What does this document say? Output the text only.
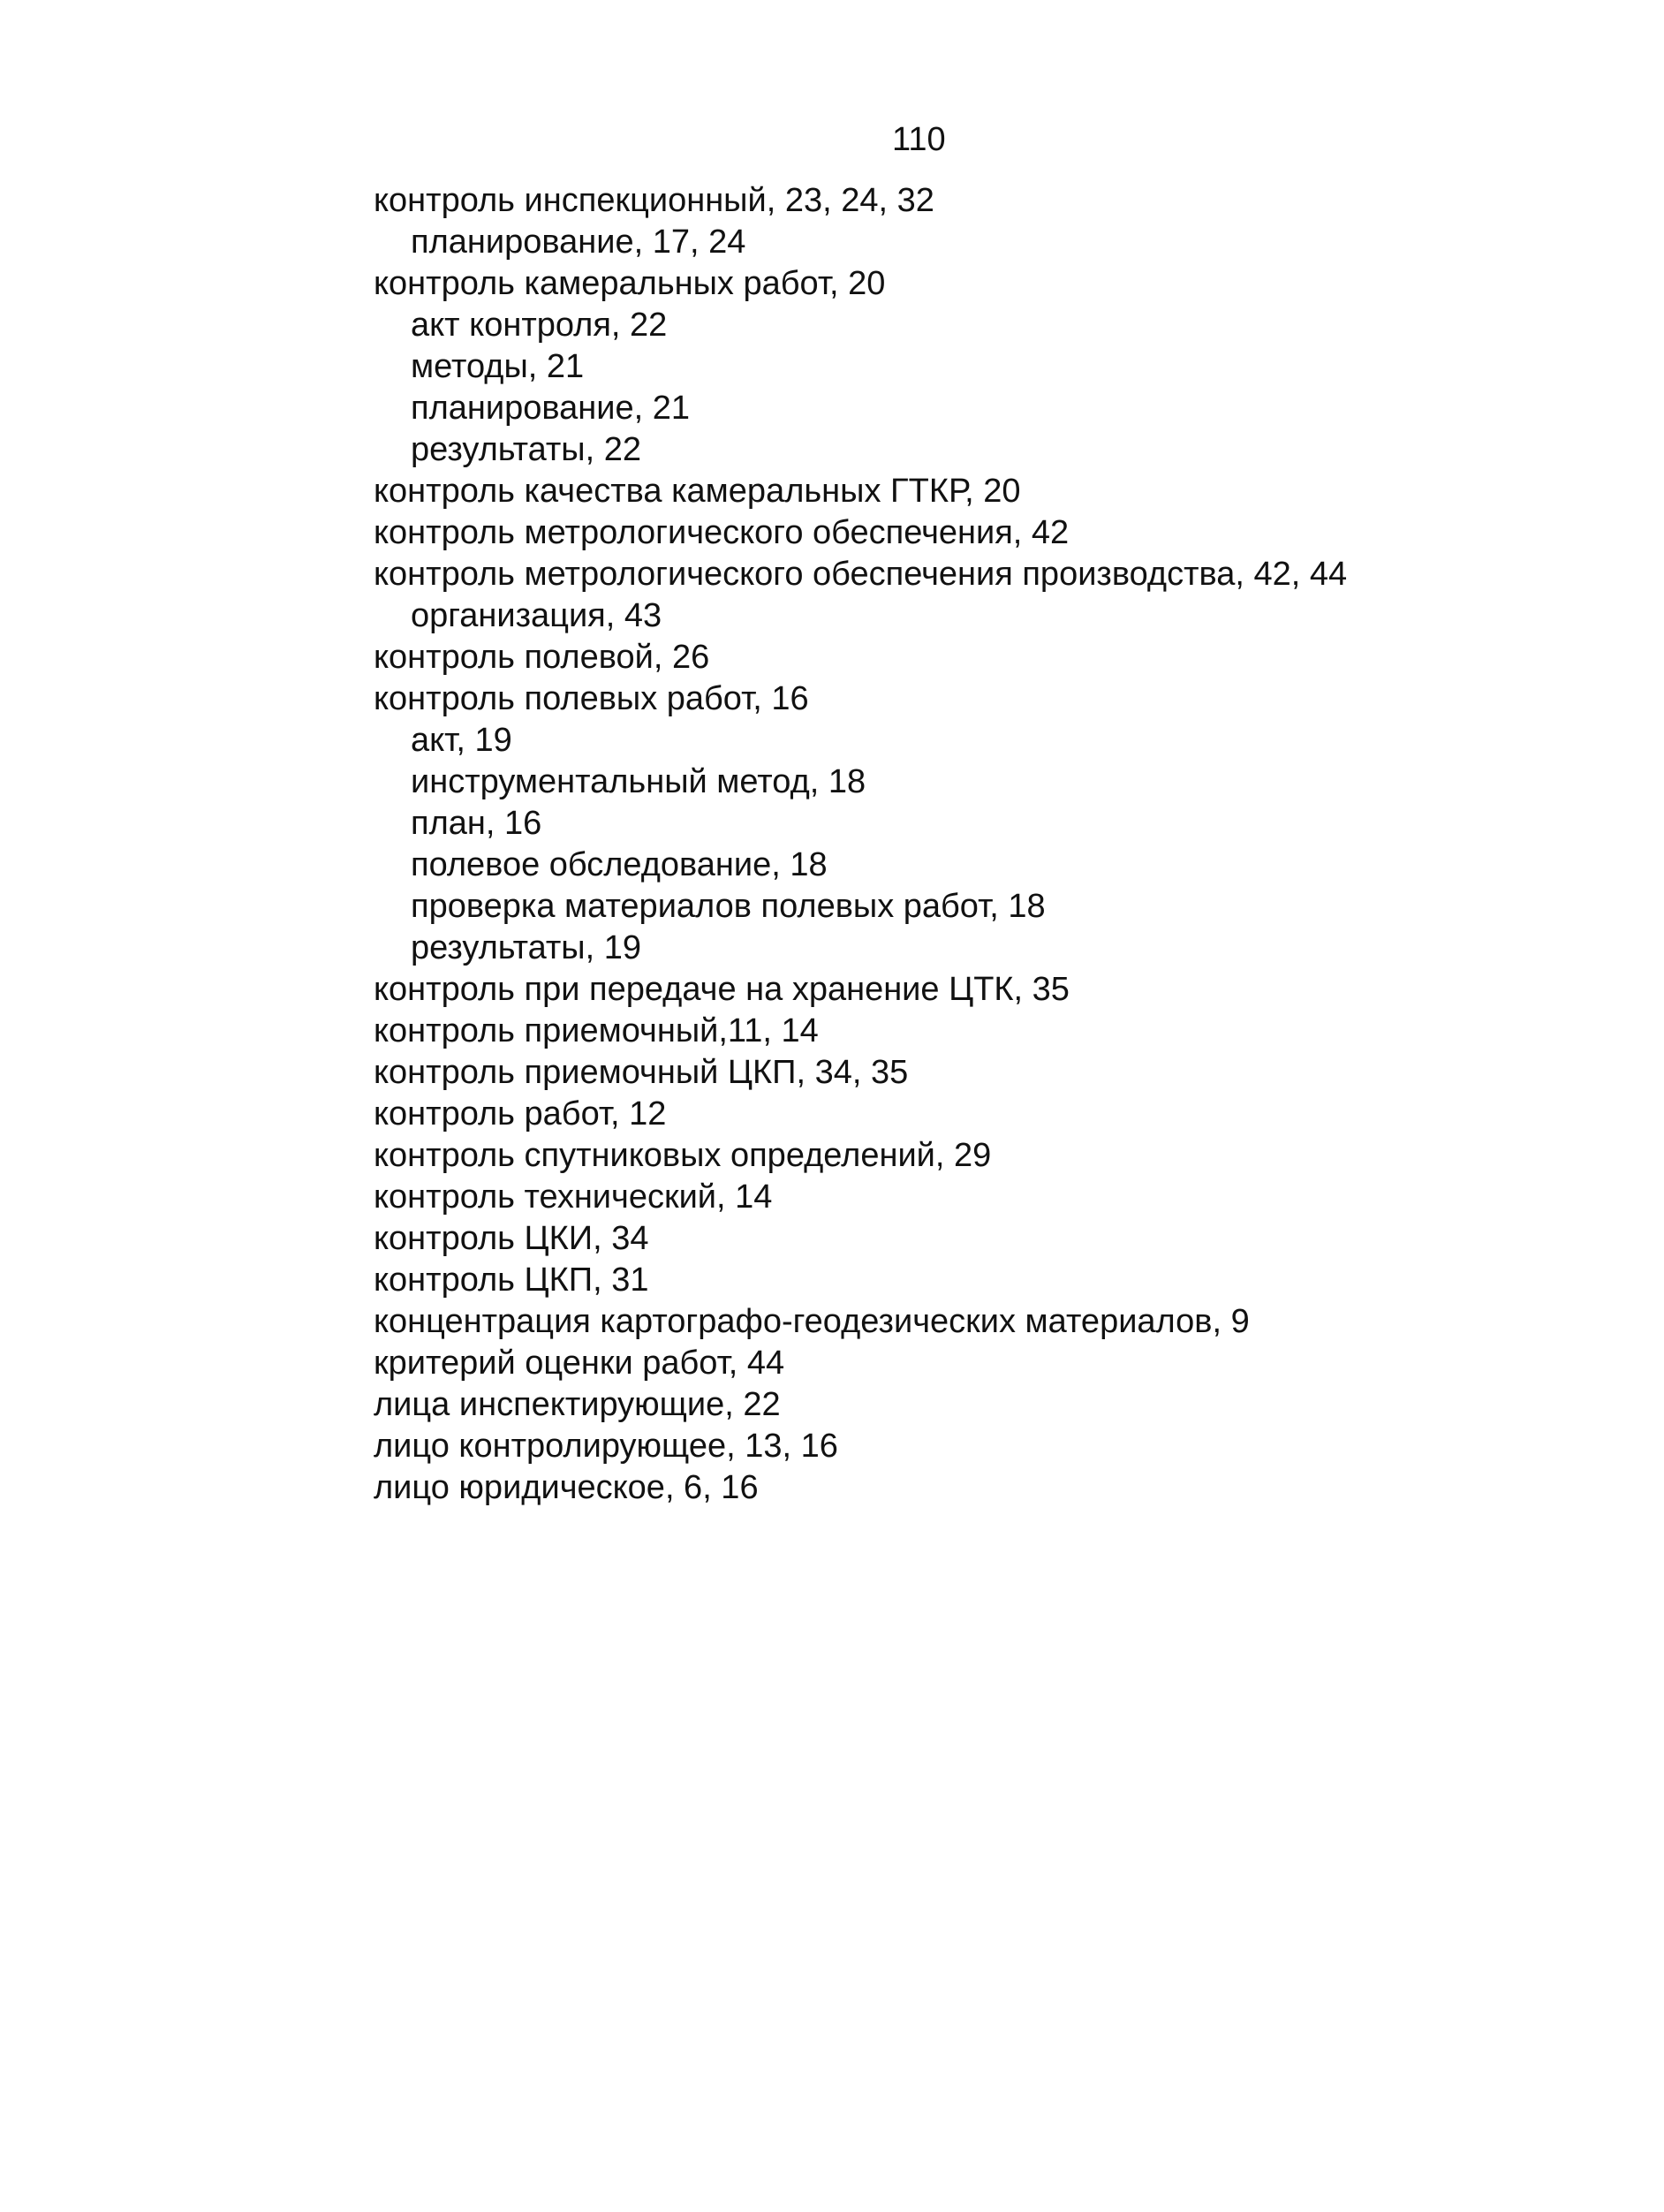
110
контроль инспекционный, 23, 24, 32
планирование, 17, 24
контроль камеральных работ, 20
акт контроля, 22
методы, 21
планирование, 21
результаты, 22
контроль качества камеральных ГТКР, 20
контроль метрологического обеспечения, 42
контроль метрологического обеспечения производства, 42, 44
организация, 43
контроль полевой, 26
контроль полевых работ, 16
акт, 19
инструментальный метод, 18
план, 16
полевое обследование, 18
проверка материалов полевых работ, 18
результаты, 19
контроль при передаче на хранение ЦТК, 35
контроль приемочный,11, 14
контроль приемочный ЦКП, 34, 35
контроль работ, 12
контроль спутниковых определений, 29
контроль технический, 14
контроль ЦКИ, 34
контроль ЦКП, 31
концентрация картографо-геодезических материалов, 9
критерий оценки работ, 44
лица инспектирующие, 22
лицо контролирующее, 13, 16
лицо юридическое, 6, 16
